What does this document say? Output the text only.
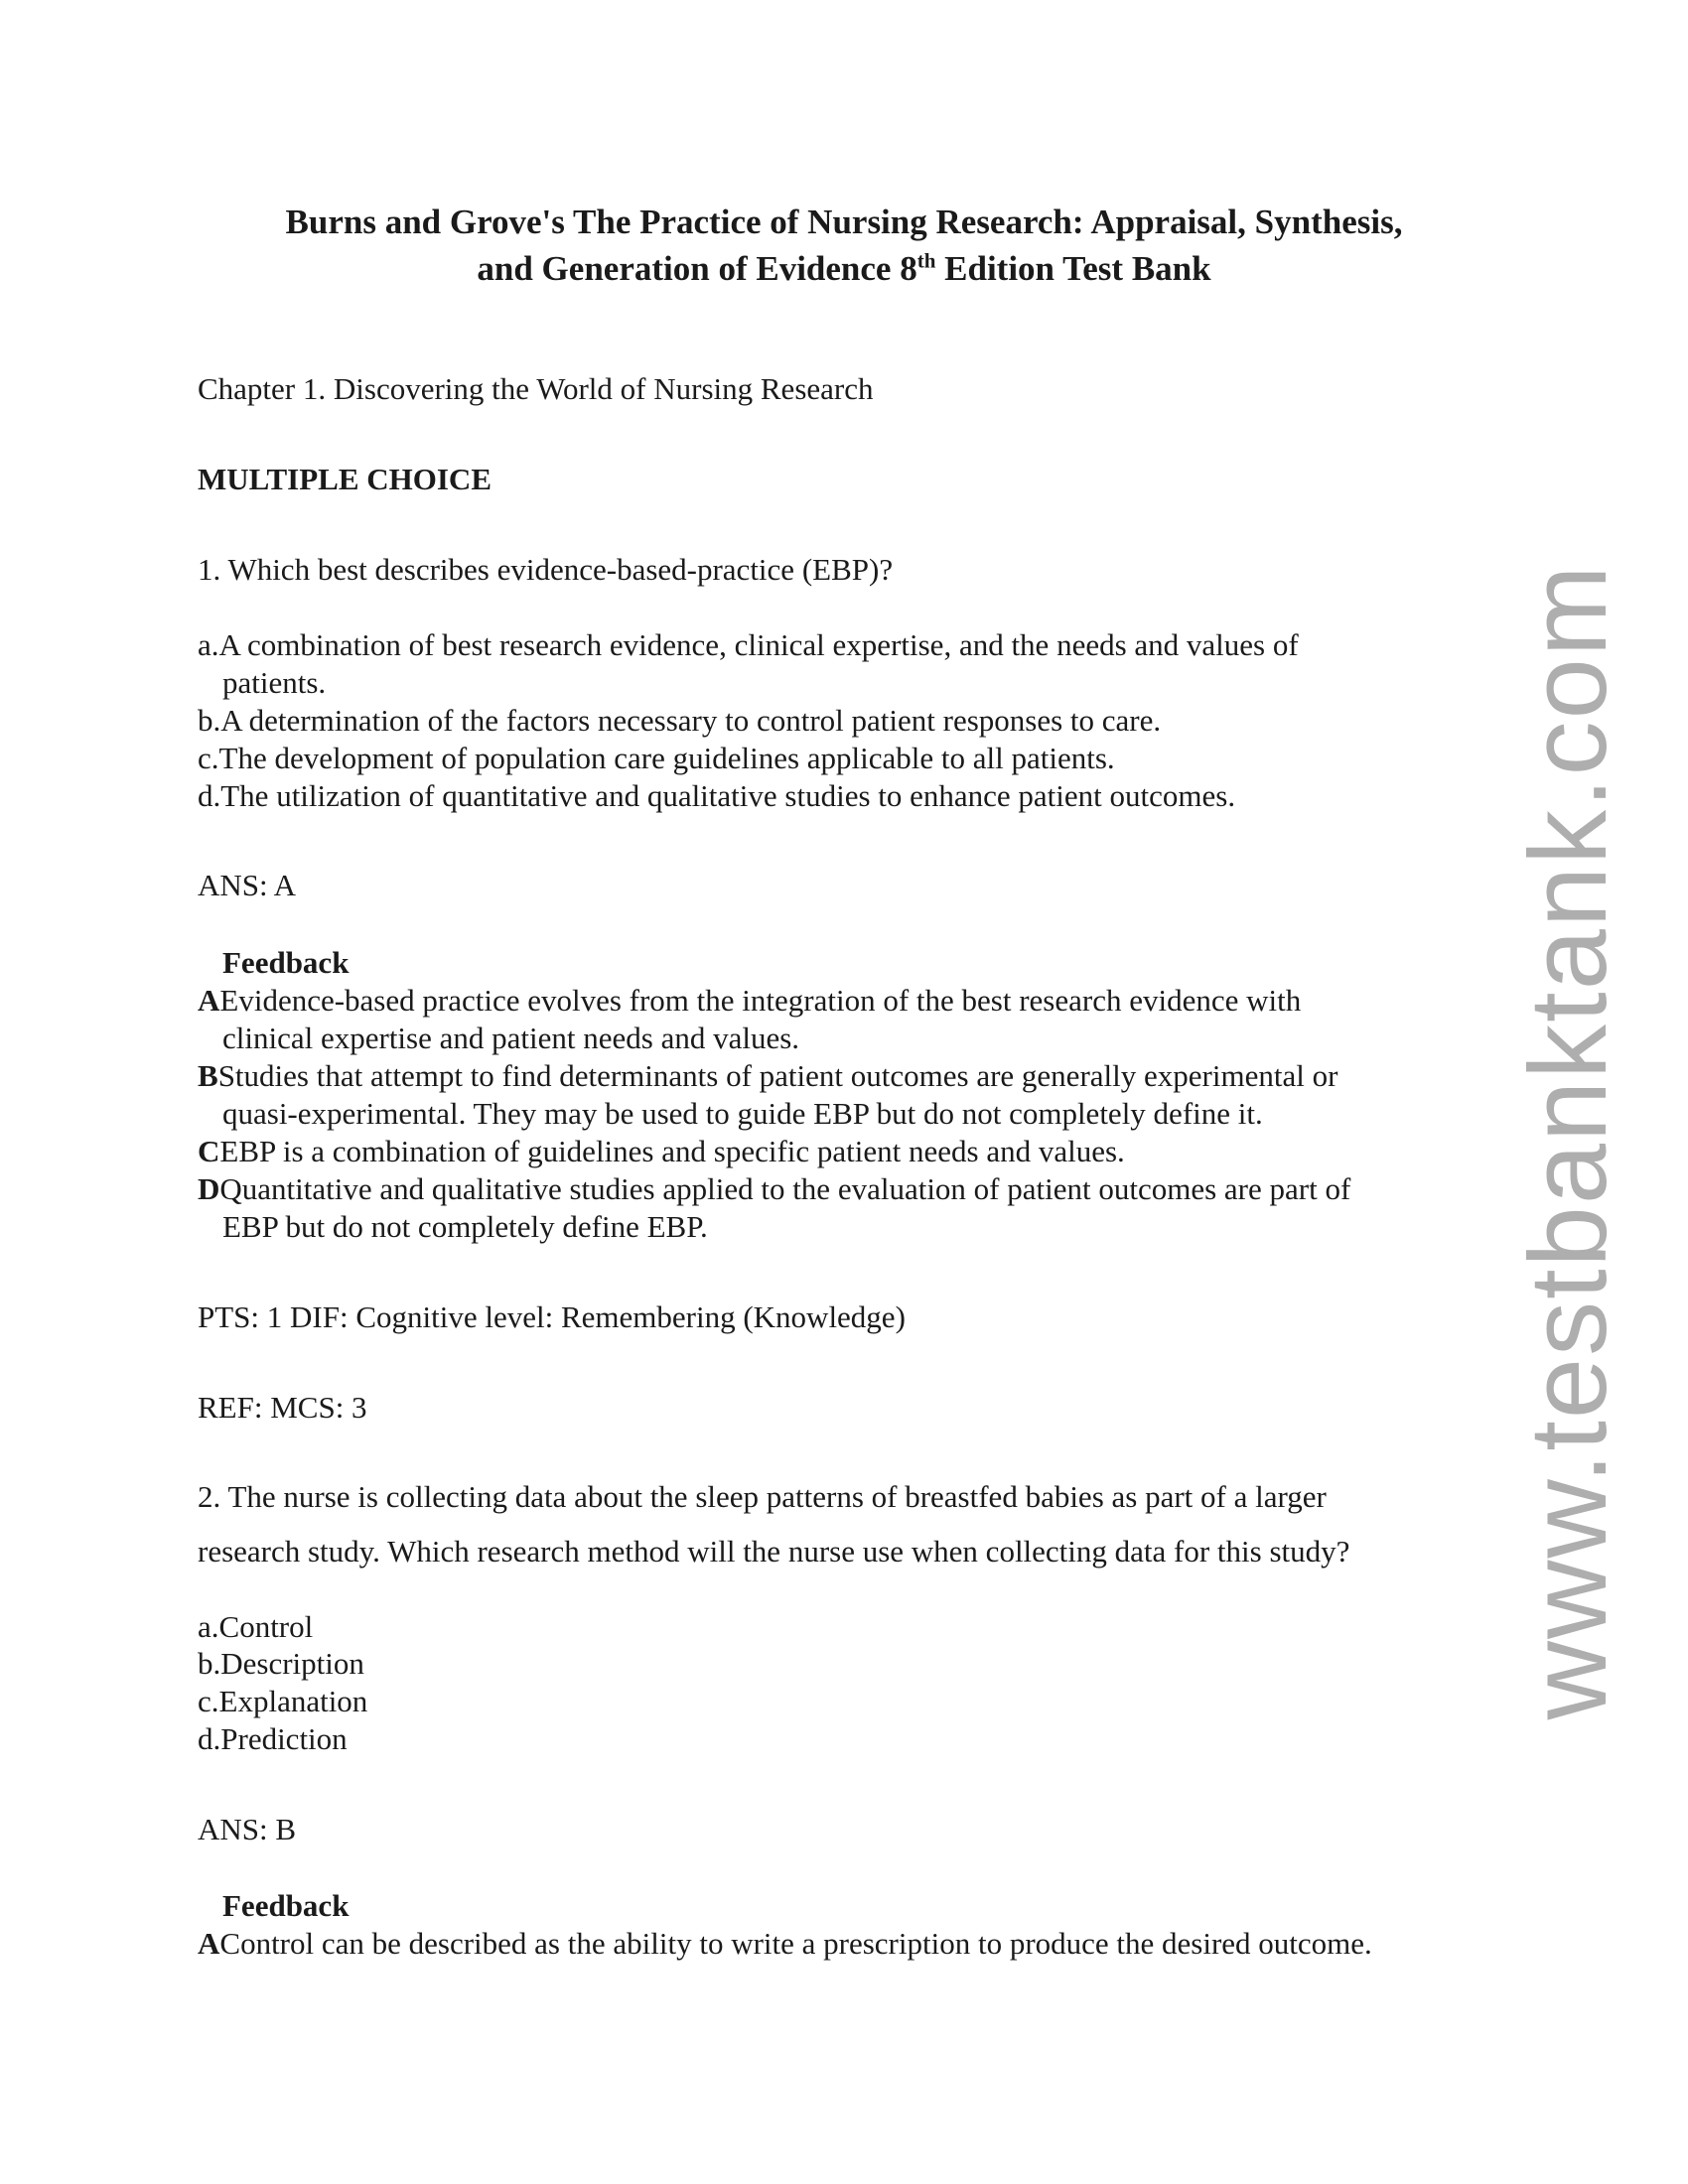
Burns and Grove's The Practice of Nursing Research: Appraisal, Synthesis,
and Generation of Evidence 8th Edition Test Bank
Chapter 1. Discovering the World of Nursing Research
MULTIPLE CHOICE
1. Which best describes evidence-based-practice (EBP)?
a.A combination of best research evidence, clinical expertise, and the needs and values of
patients.
b.A determination of the factors necessary to control patient responses to care.
c.The development of population care guidelines applicable to all patients.
d.The utilization of quantitative and qualitative studies to enhance patient outcomes.
ANS: A
Feedback
AEvidence-based practice evolves from the integration of the best research evidence with
clinical expertise and patient needs and values.
BStudies that attempt to find determinants of patient outcomes are generally experimental or
quasi-experimental. They may be used to guide EBP but do not completely define it.
CEBP is a combination of guidelines and specific patient needs and values.
DQuantitative and qualitative studies applied to the evaluation of patient outcomes are part of
EBP but do not completely define EBP.
PTS: 1 DIF: Cognitive level: Remembering (Knowledge)
REF: MCS: 3
2. The nurse is collecting data about the sleep patterns of breastfed babies as part of a larger
research study. Which research method will the nurse use when collecting data for this study?
a.Control
b.Description
c.Explanation
d.Prediction
ANS: B
Feedback
AControl can be described as the ability to write a prescription to produce the desired outcome.
www.testbanktank.com
